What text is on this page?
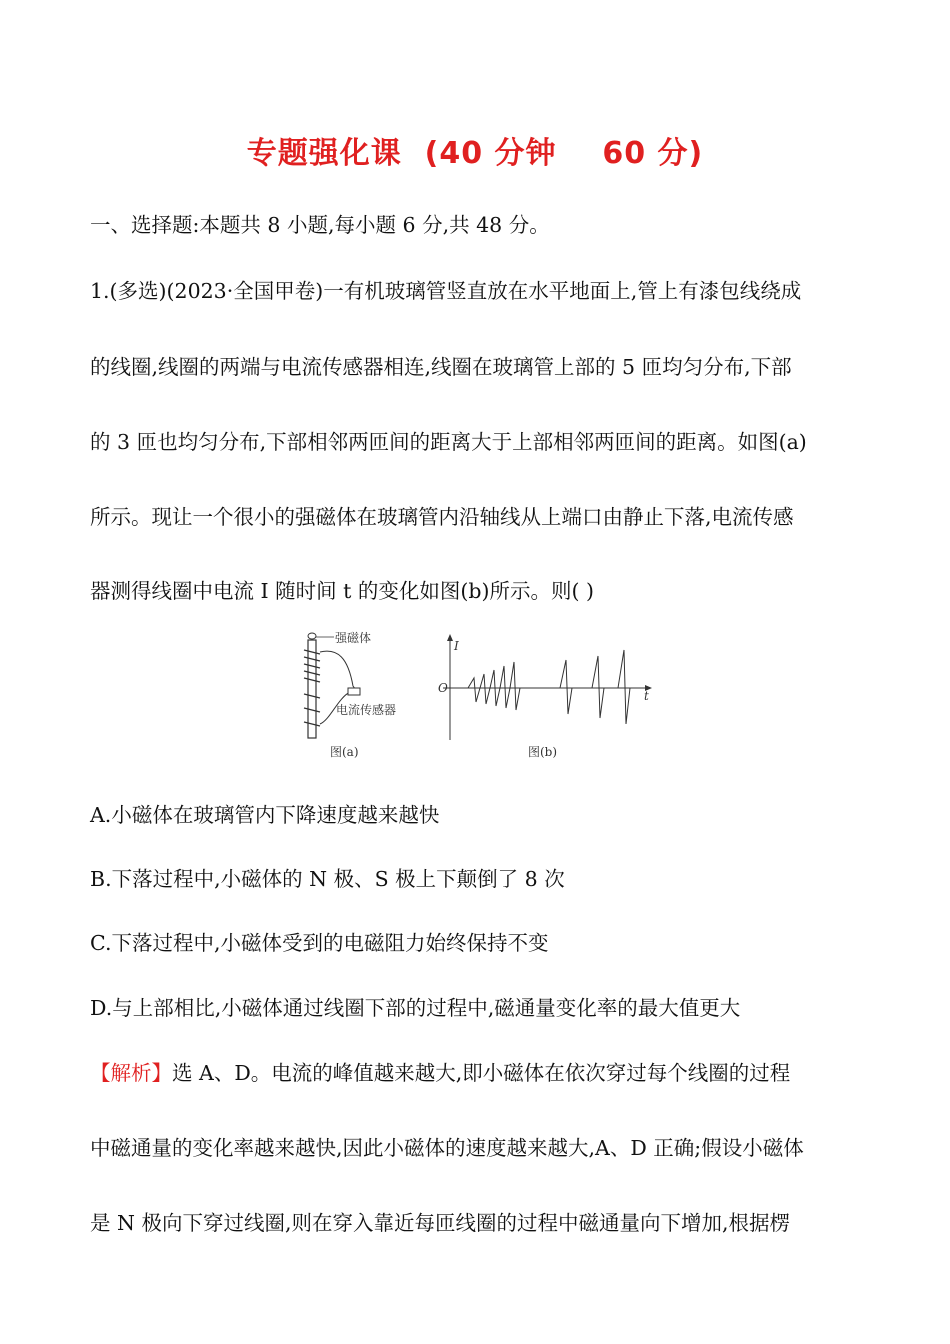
专题强化课  (40 分钟    60 分)
一、选择题:本题共 8 小题,每小题 6 分,共 48 分。
1.(多选)(2023·全国甲卷)一有机玻璃管竖直放在水平地面上,管上有漆包线绕成
的线圈,线圈的两端与电流传感器相连,线圈在玻璃管上部的 5 匝均匀分布,下部
的 3 匝也均匀分布,下部相邻两匝间的距离大于上部相邻两匝间的距离。如图(a)
所示。现让一个很小的强磁体在玻璃管内沿轴线从上端口由静止下落,电流传感
器测得线圈中电流 I 随时间 t 的变化如图(b)所示。则( )
强磁体
电流传感器
图(a)
I
t
O
图(b)
A.小磁体在玻璃管内下降速度越来越快
B.下落过程中,小磁体的 N 极、S 极上下颠倒了 8 次
C.下落过程中,小磁体受到的电磁阻力始终保持不变
D.与上部相比,小磁体通过线圈下部的过程中,磁通量变化率的最大值更大
【解析】选 A、D。电流的峰值越来越大,即小磁体在依次穿过每个线圈的过程
中磁通量的变化率越来越快,因此小磁体的速度越来越大,A、D 正确;假设小磁体
是 N 极向下穿过线圈,则在穿入靠近每匝线圈的过程中磁通量向下增加,根据楞
